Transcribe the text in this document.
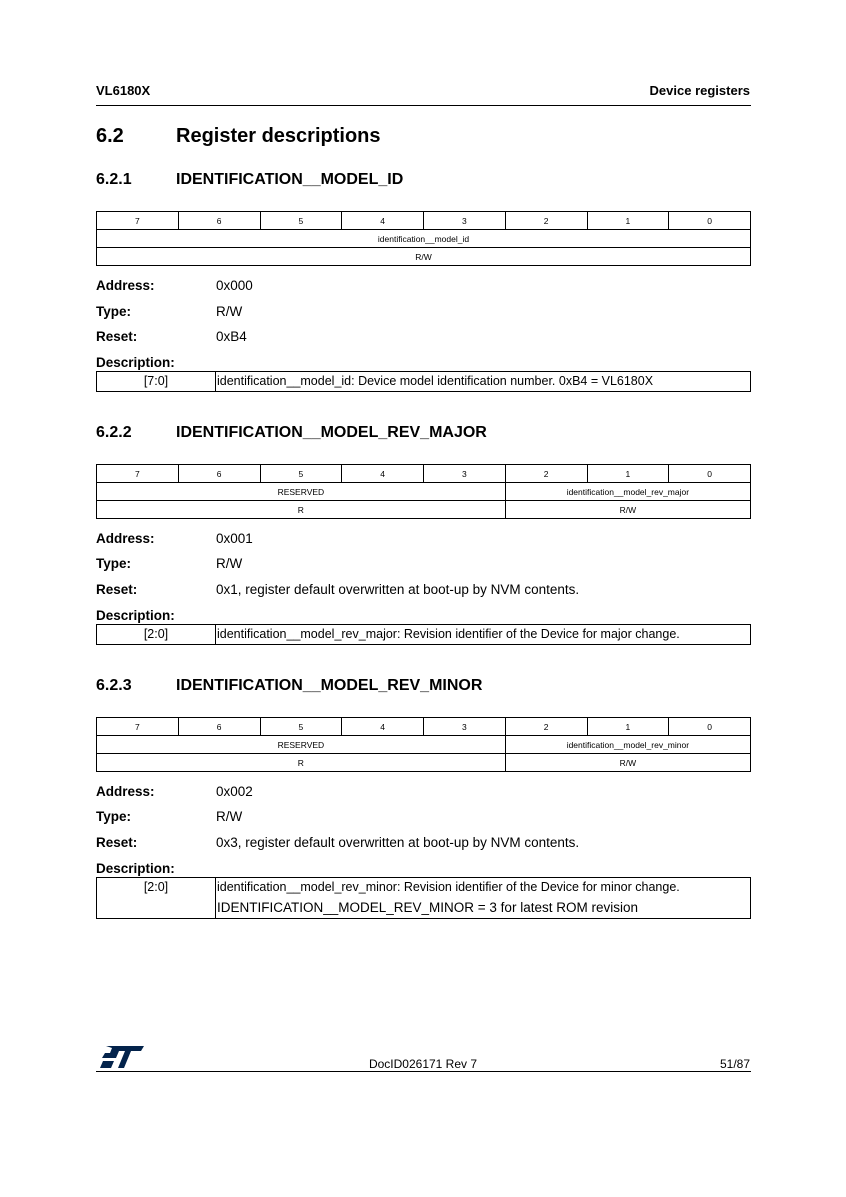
VL6180X	Device registers
6.2	Register descriptions
6.2.1	IDENTIFICATION__MODEL_ID
7	6	5	4	3	2	1	0
identification__model_id
R/W
Address:	0x000
Type:	R/W
Reset:	0xB4
Description:
[7:0]	identification__model_id: Device model identification number. 0xB4 = VL6180X
6.2.2	IDENTIFICATION__MODEL_REV_MAJOR
7	6	5	4	3	2	1	0
RESERVED					identification__model_rev_major		
R					R/W		
Address:	0x001
Type:	R/W
Reset:	0x1, register default overwritten at boot-up by NVM contents.
Description:
[2:0]	identification__model_rev_major: Revision identifier of the Device for major change.
6.2.3	IDENTIFICATION__MODEL_REV_MINOR
7	6	5	4	3	2	1	0
RESERVED					identification__model_rev_minor		
R					R/W		
Address:	0x002
Type:	R/W
Reset:	0x3, register default overwritten at boot-up by NVM contents.
Description:
[2:0]	identification__model_rev_minor: Revision identifier of the Device for minor change.
IDENTIFICATION__MODEL_REV_MINOR = 3 for latest ROM revision
DocID026171 Rev 7	51/87
